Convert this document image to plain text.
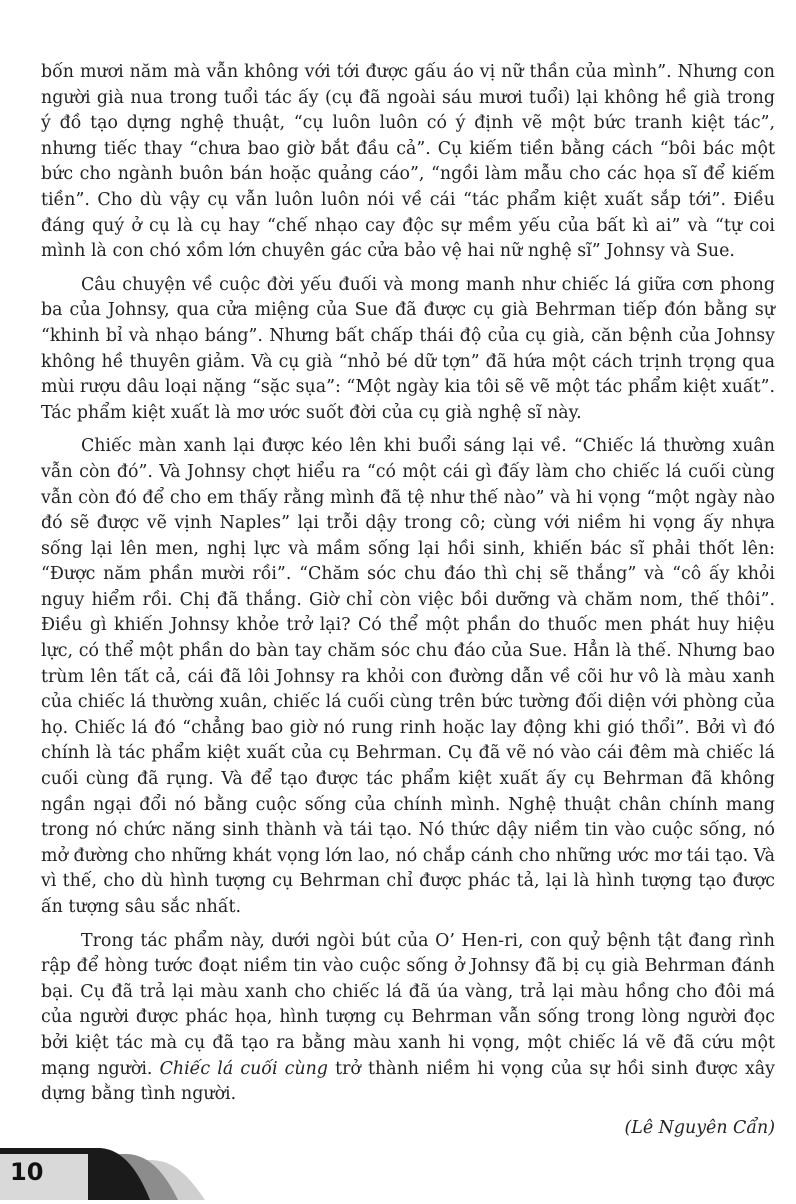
bốn mươi năm mà vẫn không với tới được gấu áo vị nữ thần của mình”. Nhưng con người già nua trong tuổi tác ấy (cụ đã ngoài sáu mươi tuổi) lại không hề già trong ý đồ tạo dựng nghệ thuật, “cụ luôn luôn có ý định vẽ một bức tranh kiệt tác”, nhưng tiếc thay “chưa bao giờ bắt đầu cả”. Cụ kiếm tiền bằng cách “bôi bác một bức cho ngành buôn bán hoặc quảng cáo”, “ngồi làm mẫu cho các họa sĩ để kiếm tiền”. Cho dù vậy cụ vẫn luôn luôn nói về cái “tác phẩm kiệt xuất sắp tới”. Điều đáng quý ở cụ là cụ hay “chế nhạo cay độc sự mềm yếu của bất kì ai” và “tự coi mình là con chó xồm lớn chuyên gác cửa bảo vệ hai nữ nghệ sĩ” Johnsy và Sue.

Câu chuyện về cuộc đời yếu đuối và mong manh như chiếc lá giữa cơn phong ba của Johnsy, qua cửa miệng của Sue đã được cụ già Behrman tiếp đón bằng sự “khinh bỉ và nhạo báng”. Nhưng bất chấp thái độ của cụ già, căn bệnh của Johnsy không hề thuyên giảm. Và cụ già “nhỏ bé dữ tợn” đã hứa một cách trịnh trọng qua mùi rượu dâu loại nặng “sặc sụa”: “Một ngày kia tôi sẽ vẽ một tác phẩm kiệt xuất”. Tác phẩm kiệt xuất là mơ ước suốt đời của cụ già nghệ sĩ này.

Chiếc màn xanh lại được kéo lên khi buổi sáng lại về. “Chiếc lá thường xuân vẫn còn đó”. Và Johnsy chợt hiểu ra “có một cái gì đấy làm cho chiếc lá cuối cùng vẫn còn đó để cho em thấy rằng mình đã tệ như thế nào” và hi vọng “một ngày nào đó sẽ được vẽ vịnh Naples” lại trỗi dậy trong cô; cùng với niềm hi vọng ấy nhựa sống lại lên men, nghị lực và mầm sống lại hồi sinh, khiến bác sĩ phải thốt lên: “Được năm phần mười rồi”. “Chăm sóc chu đáo thì chị sẽ thắng” và “cô ấy khỏi nguy hiểm rồi. Chị đã thắng. Giờ chỉ còn việc bồi dưỡng và chăm nom, thế thôi”. Điều gì khiến Johnsy khỏe trở lại? Có thể một phần do thuốc men phát huy hiệu lực, có thể một phần do bàn tay chăm sóc chu đáo của Sue. Hẳn là thế. Nhưng bao trùm lên tất cả, cái đã lôi Johnsy ra khỏi con đường dẫn về cõi hư vô là màu xanh của chiếc lá thường xuân, chiếc lá cuối cùng trên bức tường đối diện với phòng của họ. Chiếc lá đó “chẳng bao giờ nó rung rinh hoặc lay động khi gió thổi”. Bởi vì đó chính là tác phẩm kiệt xuất của cụ Behrman. Cụ đã vẽ nó vào cái đêm mà chiếc lá cuối cùng đã rụng. Và để tạo được tác phẩm kiệt xuất ấy cụ Behrman đã không ngần ngại đổi nó bằng cuộc sống của chính mình. Nghệ thuật chân chính mang trong nó chức năng sinh thành và tái tạo. Nó thức dậy niềm tin vào cuộc sống, nó mở đường cho những khát vọng lớn lao, nó chắp cánh cho những ước mơ tái tạo. Và vì thế, cho dù hình tượng cụ Behrman chỉ được phác tả, lại là hình tượng tạo được ấn tượng sâu sắc nhất.

Trong tác phẩm này, dưới ngòi bút của O’ Hen-ri, con quỷ bệnh tật đang rình rập để hòng tước đoạt niềm tin vào cuộc sống ở Johnsy đã bị cụ già Behrman đánh bại. Cụ đã trả lại màu xanh cho chiếc lá đã úa vàng, trả lại màu hồng cho đôi má của người được phác họa, hình tượng cụ Behrman vẫn sống trong lòng người đọc bởi kiệt tác mà cụ đã tạo ra bằng màu xanh hi vọng, một chiếc lá vẽ đã cứu một mạng người. Chiếc lá cuối cùng trở thành niềm hi vọng của sự hồi sinh được xây dựng bằng tình người.

(Lê Nguyên Cẩn)

10
